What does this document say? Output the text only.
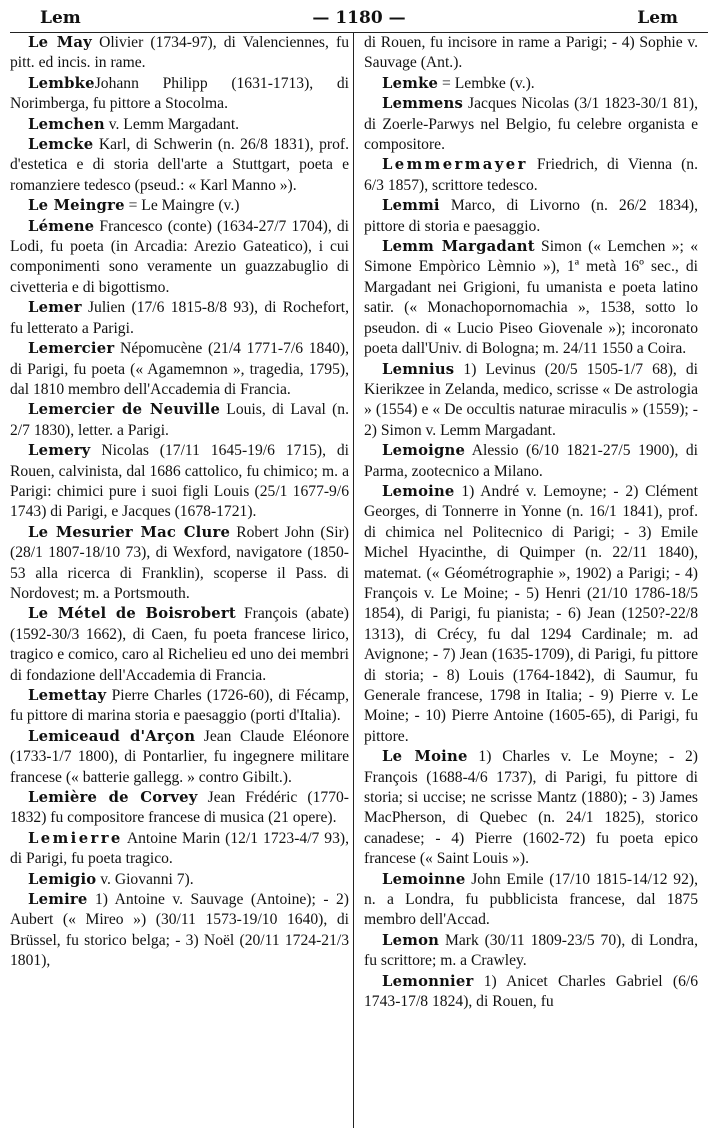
Lem	— 1180 —	Lem

Le May Olivier (1734-97), di Valenciennes, fu pitt. ed incis. in rame.

LembkeJohann Philipp (1631-1713), di Norimberga, fu pittore a Stocolma.

Lemchen v. Lemm Margadant.

Lemcke Karl, di Schwerin (n. 26/8 1831), prof. d'estetica e di storia dell'arte a Stuttgart, poeta e romanziere tedesco (pseud.: « Karl Manno »).

Le Meingre = Le Maingre (v.)

Lémene Francesco (conte) (1634-27/7 1704), di Lodi, fu poeta (in Arcadia: Arezio Gateatico), i cui componimenti sono veramente un guazzabuglio di civetteria e di bigottismo.

Lemer Julien (17/6 1815-8/8 93), di Rochefort, fu letterato a Parigi.

Lemercier Népomucène (21/4 1771-7/6 1840), di Parigi, fu poeta (« Agamemnon », tragedia, 1795), dal 1810 membro dell'Accademia di Francia.

Lemercier de Neuville Louis, di Laval (n. 2/7 1830), letter. a Parigi.

Lemery Nicolas (17/11 1645-19/6 1715), di Rouen, calvinista, dal 1686 cattolico, fu chimico; m. a Parigi: chimici pure i suoi figli Louis (25/1 1677-9/6 1743) di Parigi, e Jacques (1678-1721).

Le Mesurier Mac Clure Robert John (Sir) (28/1 1807-18/10 73), di Wexford, navigatore (1850-53 alla ricerca di Franklin), scoperse il Pass. di Nordovest; m. a Portsmouth.

Le Métel de Boisrobert François (abate) (1592-30/3 1662), di Caen, fu poeta francese lirico, tragico e comico, caro al Richelieu ed uno dei membri di fondazione dell'Accademia di Francia.

Lemettay Pierre Charles (1726-60), di Fécamp, fu pittore di marina storia e paesaggio (porti d'Italia).

Lemiceaud d'Arçon Jean Claude Eléonore (1733-1/7 1800), di Pontarlier, fu ingegnere militare francese (« batterie gallegg. » contro Gibilt.).

Lemière de Corvey Jean Frédéric (1770-1832) fu compositore francese di musica (21 opere).

Lemierre Antoine Marin (12/1 1723-4/7 93), di Parigi, fu poeta tragico.

Lemigio v. Giovanni 7).

Lemire 1) Antoine v. Sauvage (Antoine); - 2) Aubert (« Mireo ») (30/11 1573-19/10 1640), di Brüssel, fu storico belga; - 3) Noël (20/11 1724-21/3 1801),

di Rouen, fu incisore in rame a Parigi; - 4) Sophie v. Sauvage (Ant.).

Lemke = Lembke (v.).

Lemmens Jacques Nicolas (3/1 1823-30/1 81), di Zoerle-Parwys nel Belgio, fu celebre organista e compositore.

Lemmermayer Friedrich, di Vienna (n. 6/3 1857), scrittore tedesco.

Lemmi Marco, di Livorno (n. 26/2 1834), pittore di storia e paesaggio.

Lemm Margadant Simon (« Lemchen »; « Simone Empòrico Lèmnio »), 1ª metà 16º sec., di Margadant nei Grigioni, fu umanista e poeta latino satir. (« Monachopornomachia », 1538, sotto lo pseudon. di « Lucio Piseo Giovenale »); incoronato poeta dall'Univ. di Bologna; m. 24/11 1550 a Coira.

Lemnius 1) Levinus (20/5 1505-1/7 68), di Kierikzee in Zelanda, medico, scrisse « De astrologia » (1554) e « De occultis naturae miraculis » (1559); - 2) Simon v. Lemm Margadant.

Lemoigne Alessio (6/10 1821-27/5 1900), di Parma, zootecnico a Milano.

Lemoine 1) André v. Lemoyne; - 2) Clément Georges, di Tonnerre in Yonne (n. 16/1 1841), prof. di chimica nel Politecnico di Parigi; - 3) Emile Michel Hyacinthe, di Quimper (n. 22/11 1840), matemat. (« Géométrographie », 1902) a Parigi; - 4) François v. Le Moine; - 5) Henri (21/10 1786-18/5 1854), di Parigi, fu pianista; - 6) Jean (1250?-22/8 1313), di Crécy, fu dal 1294 Cardinale; m. ad Avignone; - 7) Jean (1635-1709), di Parigi, fu pittore di storia; - 8) Louis (1764-1842), di Saumur, fu Generale francese, 1798 in Italia; - 9) Pierre v. Le Moine; - 10) Pierre Antoine (1605-65), di Parigi, fu pittore.

Le Moine 1) Charles v. Le Moyne; - 2) François (1688-4/6 1737), di Parigi, fu pittore di storia; si uccise; ne scrisse Mantz (1880); - 3) James MacPherson, di Quebec (n. 24/1 1825), storico canadese; - 4) Pierre (1602-72) fu poeta epico francese (« Saint Louis »).

Lemoinne John Emile (17/10 1815-14/12 92), n. a Londra, fu pubblicista francese, dal 1875 membro dell'Accad.

Lemon Mark (30/11 1809-23/5 70), di Londra, fu scrittore; m. a Crawley.

Lemonnier 1) Anicet Charles Gabriel (6/6 1743-17/8 1824), di Rouen, fu
